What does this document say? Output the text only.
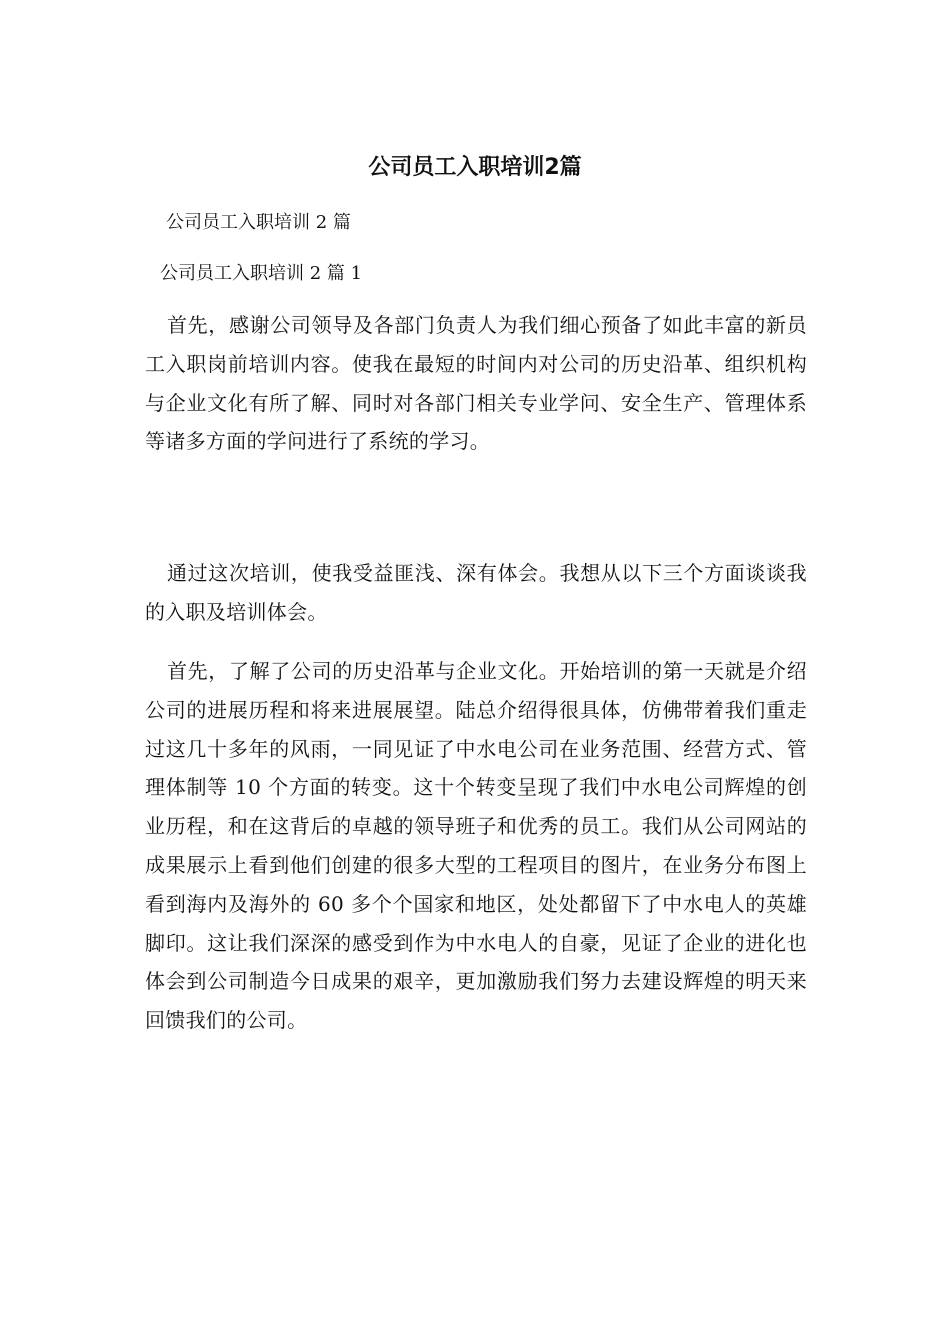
公司员工入职培训2篇

公司员工入职培训 2 篇

公司员工入职培训 2 篇 1

首先，感谢公司领导及各部门负责人为我们细心预备了如此丰富的新员工入职岗前培训内容。使我在最短的时间内对公司的历史沿革、组织机构与企业文化有所了解、同时对各部门相关专业学问、安全生产、管理体系等诸多方面的学问进行了系统的学习。

通过这次培训，使我受益匪浅、深有体会。我想从以下三个方面谈谈我的入职及培训体会。

首先，了解了公司的历史沿革与企业文化。开始培训的第一天就是介绍公司的进展历程和将来进展展望。陆总介绍得很具体，仿佛带着我们重走过这几十多年的风雨，一同见证了中水电公司在业务范围、经营方式、管理体制等 10 个方面的转变。这十个转变呈现了我们中水电公司辉煌的创业历程，和在这背后的卓越的领导班子和优秀的员工。我们从公司网站的成果展示上看到他们创建的很多大型的工程项目的图片，在业务分布图上看到海内及海外的 60 多个个国家和地区，处处都留下了中水电人的英雄脚印。这让我们深深的感受到作为中水电人的自豪，见证了企业的进化也体会到公司制造今日成果的艰辛，更加激励我们努力去建设辉煌的明天来回馈我们的公司。
